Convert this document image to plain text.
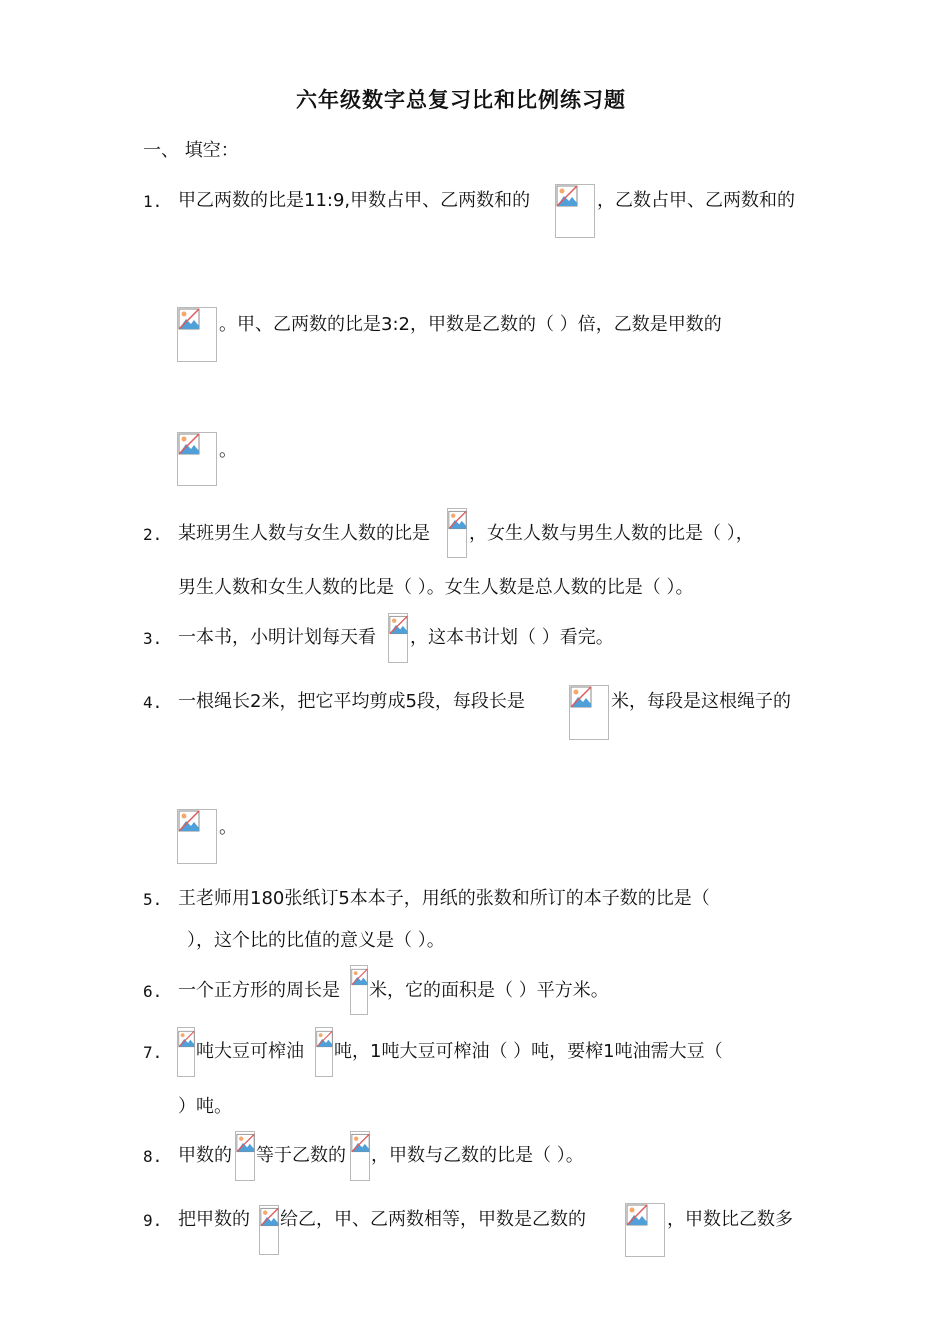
六年级数字总复习比和比例练习题
一、 填空：
1. 甲乙两数的比是11:9,甲数占甲、乙两数和的	，乙数占甲、乙两数和的
。甲、乙两数的比是3:2，甲数是乙数的（ ）倍，乙数是甲数的
。
2. 某班男生人数与女生人数的比是 ，女生人数与男生人数的比是（ ），
男生人数和女生人数的比是（ ）。女生人数是总人数的比是（ ）。
3. 一本书，小明计划每天看 ，这本书计划（ ）看完。
4. 一根绳长2米，把它平均剪成5段，每段长是	米，每段是这根绳子的
。
5. 王老师用180张纸订5本本子，用纸的张数和所订的本子数的比是（
），这个比的比值的意义是（ ）。
6. 一个正方形的周长是 米，它的面积是（ ）平方米。
7. 吨大豆可榨油 吨，1吨大豆可榨油（ ）吨，要榨1吨油需大豆（
）吨。
8. 甲数的 等于乙数的 ，甲数与乙数的比是（ ）。
9. 把甲数的 给乙，甲、乙两数相等，甲数是乙数的	，甲数比乙数多
